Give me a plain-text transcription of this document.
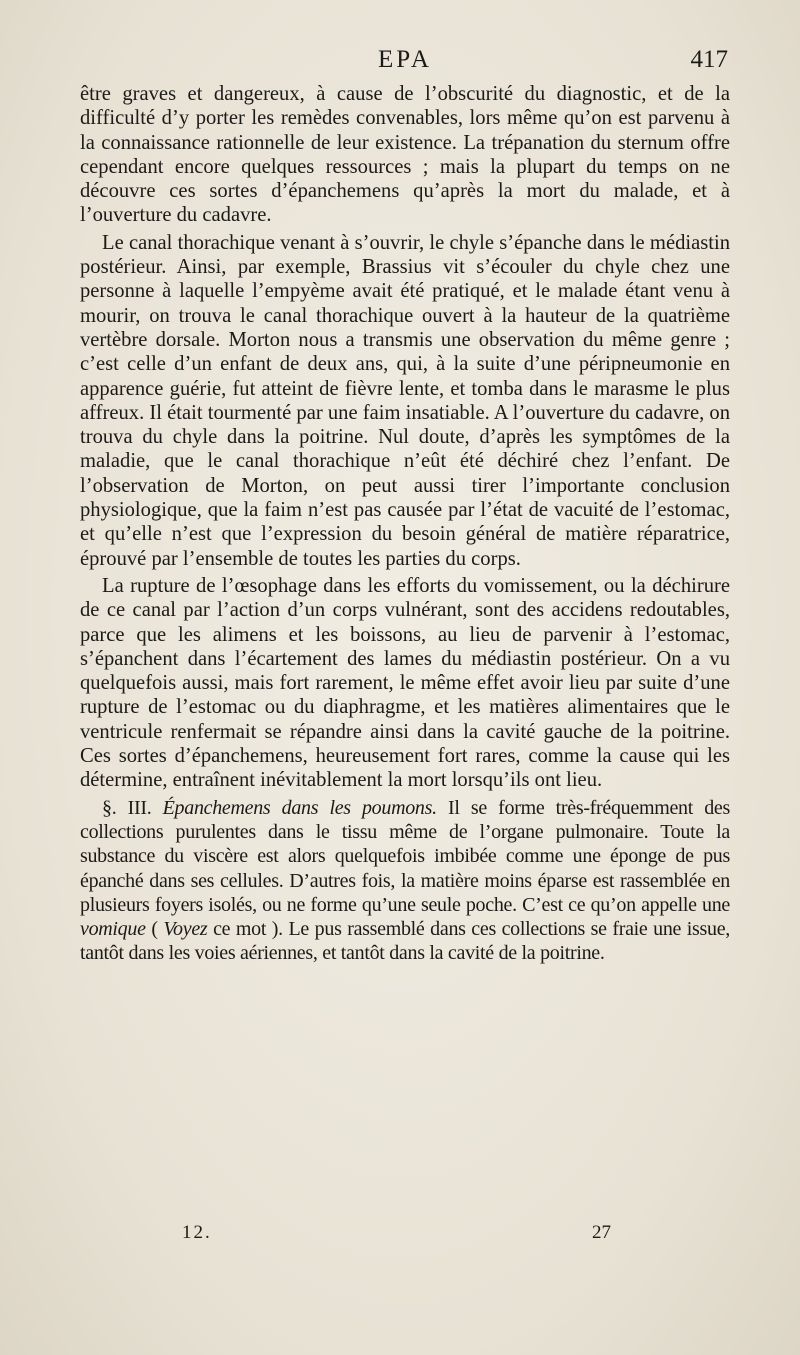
EPA	417

être graves et dangereux, à cause de l’obscurité du diagnostic, et de la difficulté d’y porter les remèdes convenables, lors même qu’on est parvenu à la connaissance rationnelle de leur existence. La trépanation du sternum offre cependant encore quelques ressources ; mais la plupart du temps on ne découvre ces sortes d’épanchemens qu’après la mort du malade, et à l’ouverture du cadavre.

Le canal thorachique venant à s’ouvrir, le chyle s’épanche dans le médiastin postérieur. Ainsi, par exemple, Brassius vit s’écouler du chyle chez une personne à laquelle l’empyème avait été pratiqué, et le malade étant venu à mourir, on trouva le canal thorachique ouvert à la hauteur de la quatrième vertèbre dorsale. Morton nous a transmis une observation du même genre ; c’est celle d’un enfant de deux ans, qui, à la suite d’une péripneumonie en apparence guérie, fut atteint de fièvre lente, et tomba dans le marasme le plus affreux. Il était tourmenté par une faim insatiable. A l’ouverture du cadavre, on trouva du chyle dans la poitrine. Nul doute, d’après les symptômes de la maladie, que le canal thorachique n’eût été déchiré chez l’enfant. De l’observation de Morton, on peut aussi tirer l’importante conclusion physiologique, que la faim n’est pas causée par l’état de vacuité de l’estomac, et qu’elle n’est que l’expression du besoin général de matière réparatrice, éprouvé par l’ensemble de toutes les parties du corps.

La rupture de l’œsophage dans les efforts du vomissement, ou la déchirure de ce canal par l’action d’un corps vulnérant, sont des accidens redoutables, parce que les alimens et les boissons, au lieu de parvenir à l’estomac, s’épanchent dans l’écartement des lames du médiastin postérieur. On a vu quelquefois aussi, mais fort rarement, le même effet avoir lieu par suite d’une rupture de l’estomac ou du diaphragme, et les matières alimentaires que le ventricule renfermait se répandre ainsi dans la cavité gauche de la poitrine. Ces sortes d’épanchemens, heureusement fort rares, comme la cause qui les détermine, entraînent inévitablement la mort lorsqu’ils ont lieu.

§. III. Épanchemens dans les poumons. Il se forme très-fréquemment des collections purulentes dans le tissu même de l’organe pulmonaire. Toute la substance du viscère est alors quelquefois imbibée comme une éponge de pus épanché dans ses cellules. D’autres fois, la matière moins éparse est rassemblée en plusieurs foyers isolés, ou ne forme qu’une seule poche. C’est ce qu’on appelle une vomique ( Voyez ce mot ). Le pus rassemblé dans ces collections se fraie une issue, tantôt dans les voies aériennes, et tantôt dans la cavité de la poitrine.

12.	27
